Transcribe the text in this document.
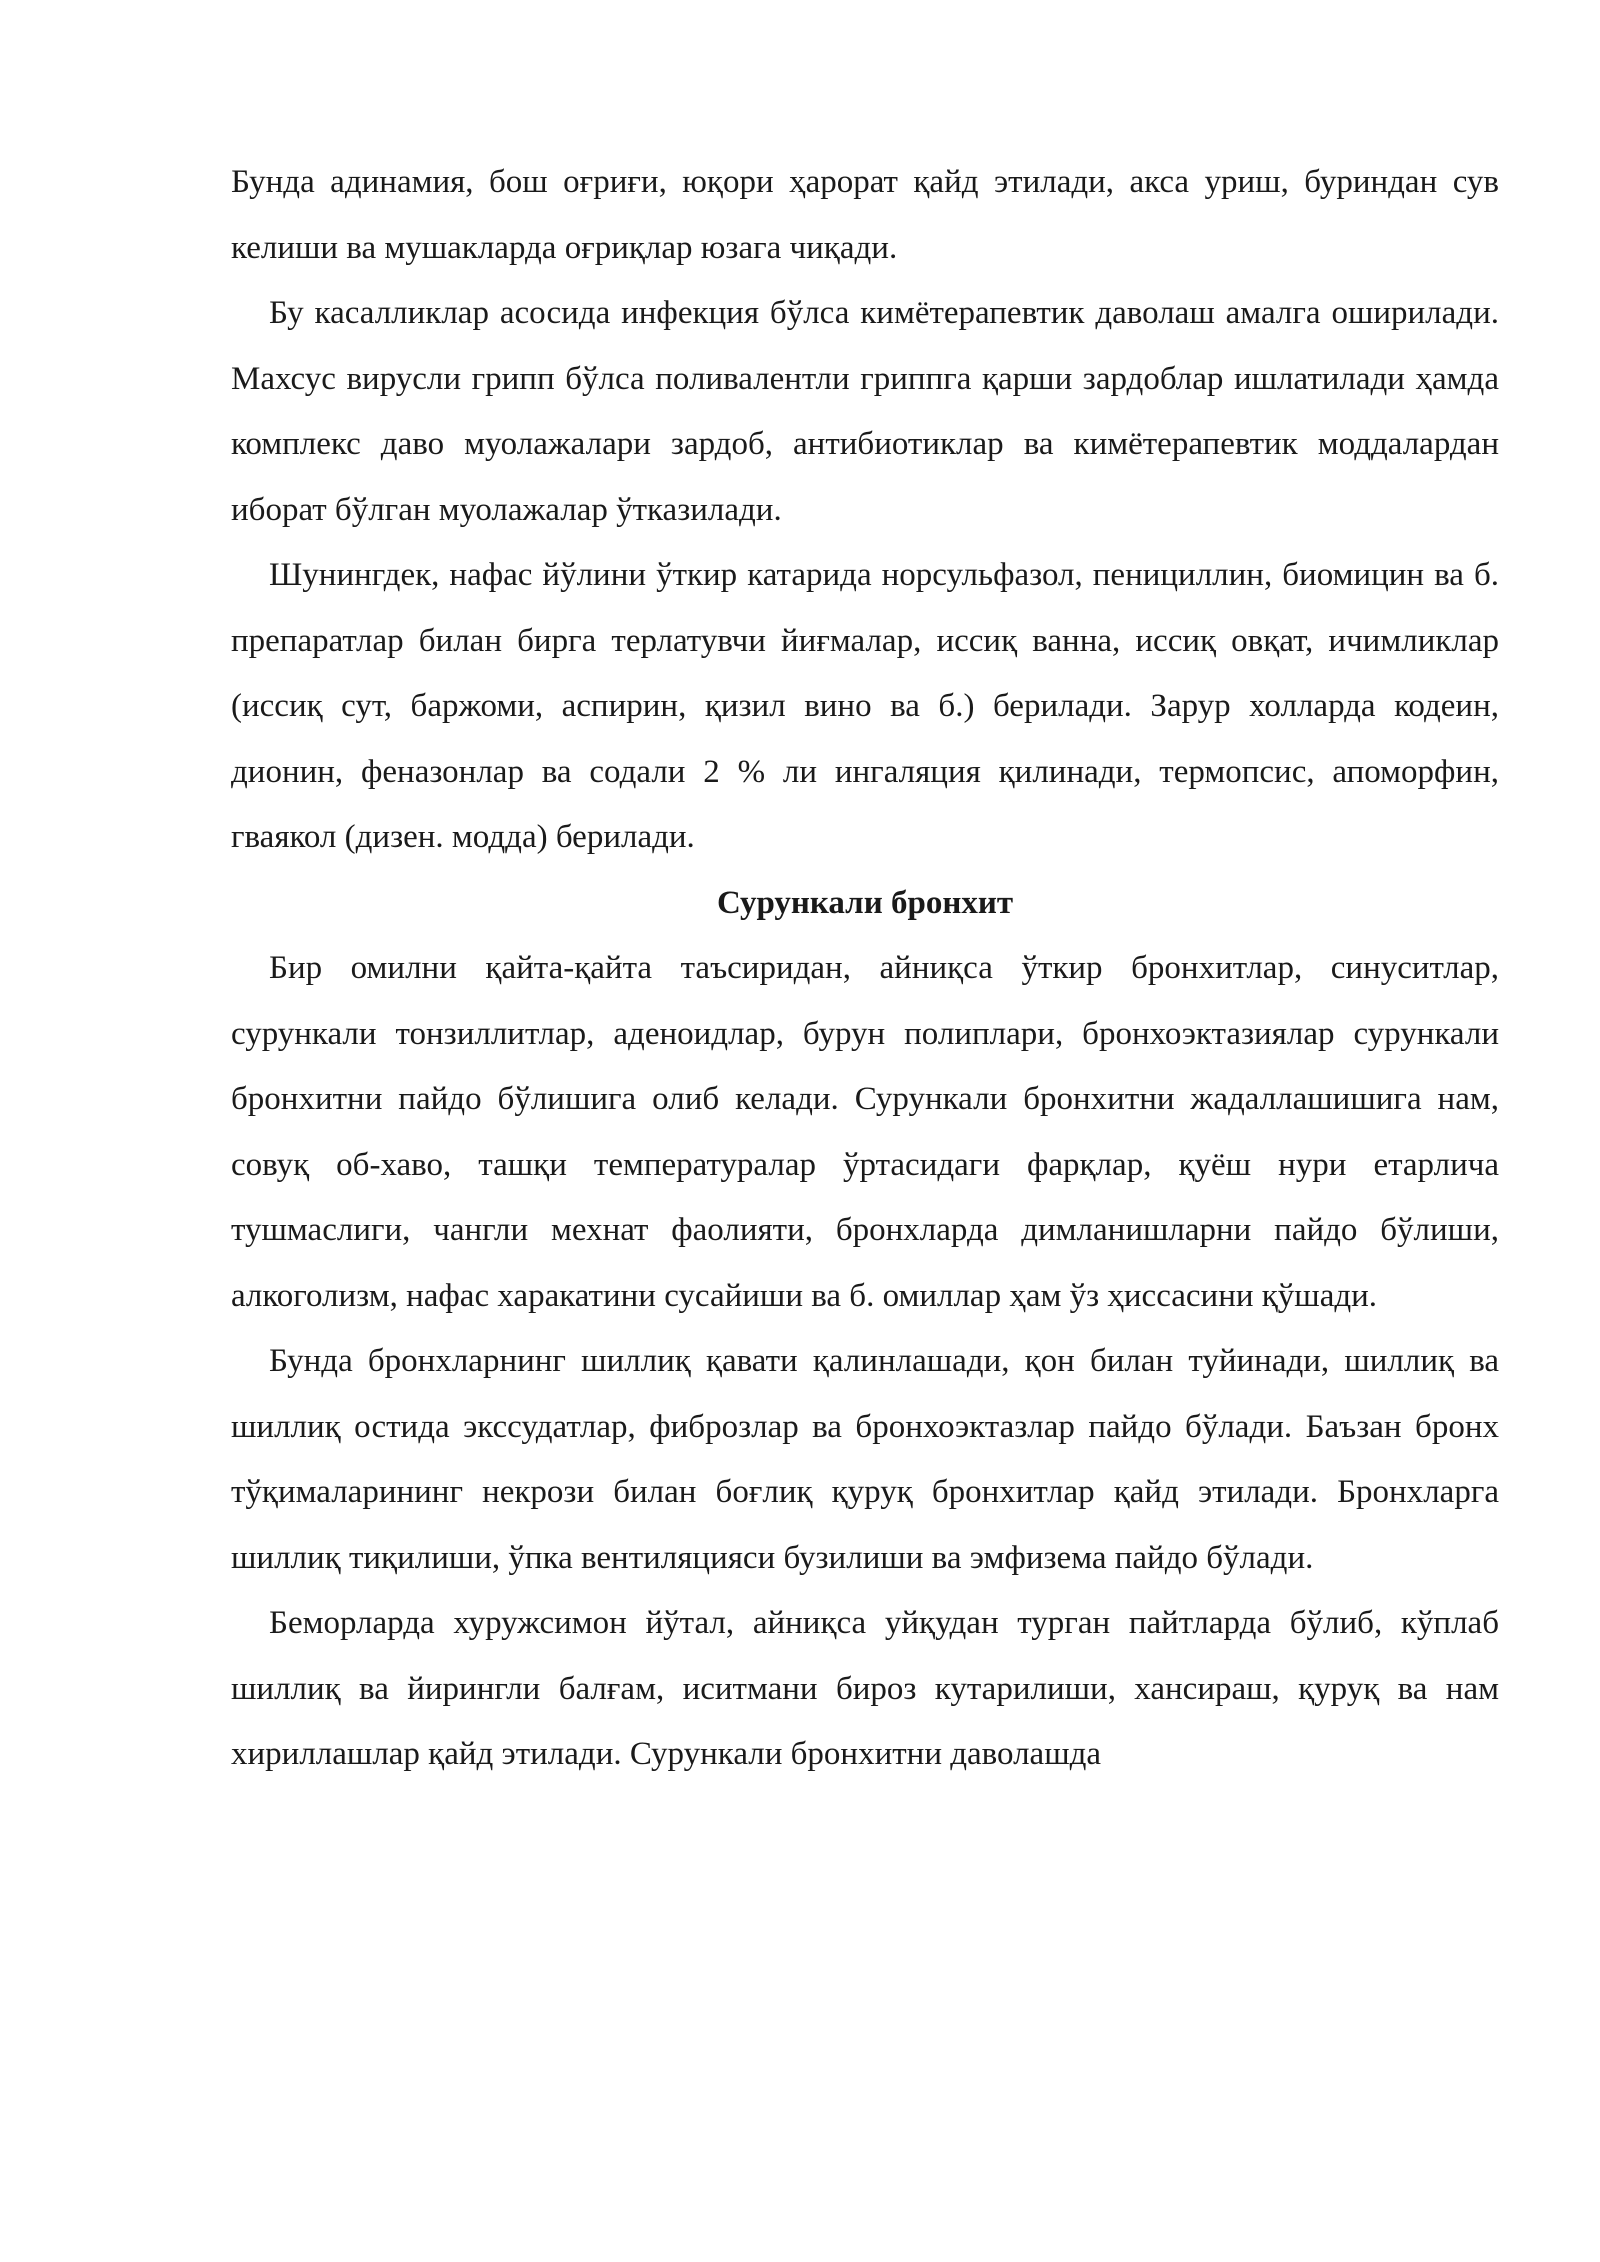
Бунда адинамия, бош оғриғи, юқори ҳарорат қайд этилади, акса уриш, буриндан сув келиши ва мушакларда оғриқлар юзага чиқади.

Бу касалликлар асосида инфекция бўлса кимётерапевтик даволаш амалга оширилади. Махсус вирусли грипп бўлса поливалентли гриппга қарши зардоблар ишлатилади ҳамда комплекс даво муолажалари зардоб, антибиотиклар ва кимётерапевтик моддалардан иборат бўлган муолажалар ўтказилади.

Шунингдек, нафас йўлини ўткир катарида норсульфазол, пенициллин, биомицин ва б. препаратлар билан бирга терлатувчи йиғмалар, иссиқ ванна, иссиқ овқат, ичимликлар (иссиқ сут, баржоми, аспирин, қизил вино ва б.) берилади. Зарур холларда кодеин, дионин, феназонлар ва содали 2 % ли ингаляция қилинади, термопсис, апоморфин, гваякол (дизен. модда) берилади.

Сурункали бронхит

Бир омилни қайта-қайта таъсиридан, айниқса ўткир бронхитлар, синуситлар, сурункали тонзиллитлар, аденоидлар, бурун полиплари, бронхоэктазиялар сурункали бронхитни пайдо бўлишига олиб келади. Сурункали бронхитни жадаллашишига нам, совуқ об-хаво, ташқи температуралар ўртасидаги фарқлар, қуёш нури етарлича тушмаслиги, чангли мехнат фаолияти, бронхларда димланишларни пайдо бўлиши, алкоголизм, нафас харакатини сусайиши ва б. омиллар ҳам ўз ҳиссасини қўшади.

Бунда бронхларнинг шиллиқ қавати қалинлашади, қон билан туйинади, шиллиқ ва шиллиқ остида экссудатлар, фиброзлар ва бронхоэктазлар пайдо бўлади. Баъзан бронх тўқималарининг некрози билан боғлиқ қуруқ бронхитлар қайд этилади. Бронхларга шиллиқ тиқилиши, ўпка вентиляцияси бузилиши ва эмфизема пайдо бўлади.

Беморларда хуружсимон йўтал, айниқса уйқудан турган пайтларда бўлиб, кўплаб шиллиқ ва йирингли балғам, иситмани бироз кутарилиши, хансираш, қуруқ ва нам хириллашлар қайд этилади. Сурункали бронхитни даволашда
